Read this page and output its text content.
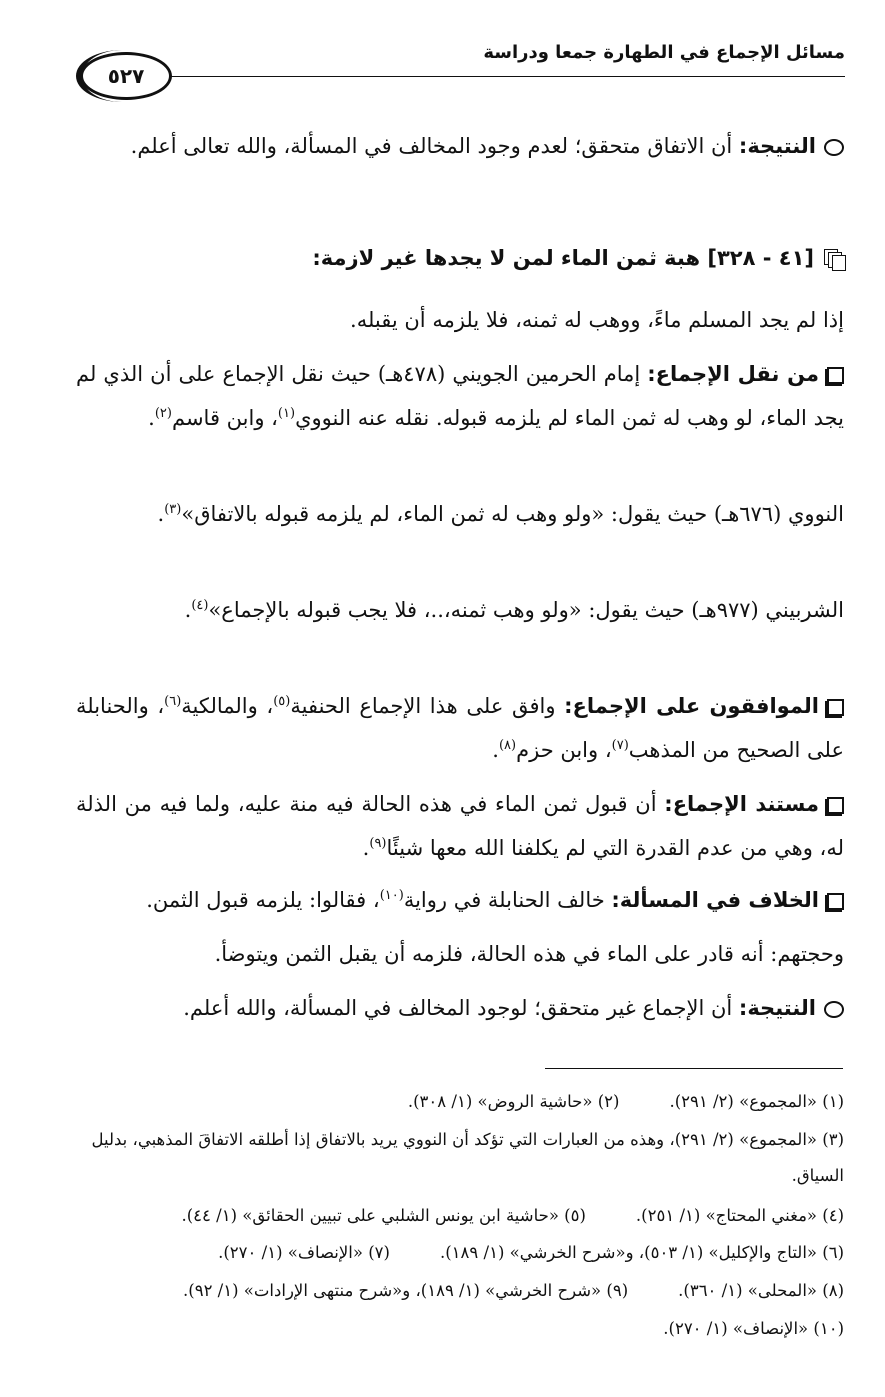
مسائل الإجماع في الطهارة جمعا ودراسة
٥٢٧
النتيجة: أن الاتفاق متحقق؛ لعدم وجود المخالف في المسألة، والله تعالى أعلم.
[٤١ - ٣٢٨] هبة ثمن الماء لمن لا يجدها غير لازمة:
إذا لم يجد المسلم ماءً، ووهب له ثمنه، فلا يلزمه أن يقبله.
من نقل الإجماع: إمام الحرمين الجويني (٤٧٨هـ) حيث نقل الإجماع على أن الذي لم يجد الماء، لو وهب له ثمن الماء لم يلزمه قبوله. نقله عنه النووي$^{(١)}$، وابن قاسم$^{(٢)}$.
النووي (٦٧٦هـ) حيث يقول: «ولو وهب له ثمن الماء، لم يلزمه قبوله بالاتفاق»$^{(٣)}$.
الشربيني (٩٧٧هـ) حيث يقول: «ولو وهب ثمنه،..، فلا يجب قبوله بالإجماع»$^{(٤)}$.
الموافقون على الإجماع: وافق على هذا الإجماع الحنفية$^{(٥)}$، والمالكية$^{(٦)}$، والحنابلة على الصحيح من المذهب$^{(٧)}$، وابن حزم$^{(٨)}$.
مستند الإجماع: أن قبول ثمن الماء في هذه الحالة فيه منة عليه، ولما فيه من الذلة له، وهي من عدم القدرة التي لم يكلفنا الله معها شيئًا$^{(٩)}$.
الخلاف في المسألة: خالف الحنابلة في رواية$^{(١٠)}$، فقالوا: يلزمه قبول الثمن.
وحجتهم: أنه قادر على الماء في هذه الحالة، فلزمه أن يقبل الثمن ويتوضأ.
النتيجة: أن الإجماع غير متحقق؛ لوجود المخالف في المسألة، والله أعلم.
(١) «المجموع» (٢/ ٢٩١).(٢) «حاشية الروض» (١/ ٣٠٨).
(٣) «المجموع» (٢/ ٢٩١)، وهذه من العبارات التي تؤكد أن النووي يريد بالاتفاق إذا أطلقه الاتفاقَ المذهبي، بدليل السياق.
(٤) «مغني المحتاج» (١/ ٢٥١).(٥) «حاشية ابن يونس الشلبي على تبيين الحقائق» (١/ ٤٤).
(٦) «التاج والإكليل» (١/ ٥٠٣)، و«شرح الخرشي» (١/ ١٨٩).(٧) «الإنصاف» (١/ ٢٧٠).
(٨) «المحلى» (١/ ٣٦٠).(٩) «شرح الخرشي» (١/ ١٨٩)، و«شرح منتهى الإرادات» (١/ ٩٢).
(١٠) «الإنصاف» (١/ ٢٧٠).
